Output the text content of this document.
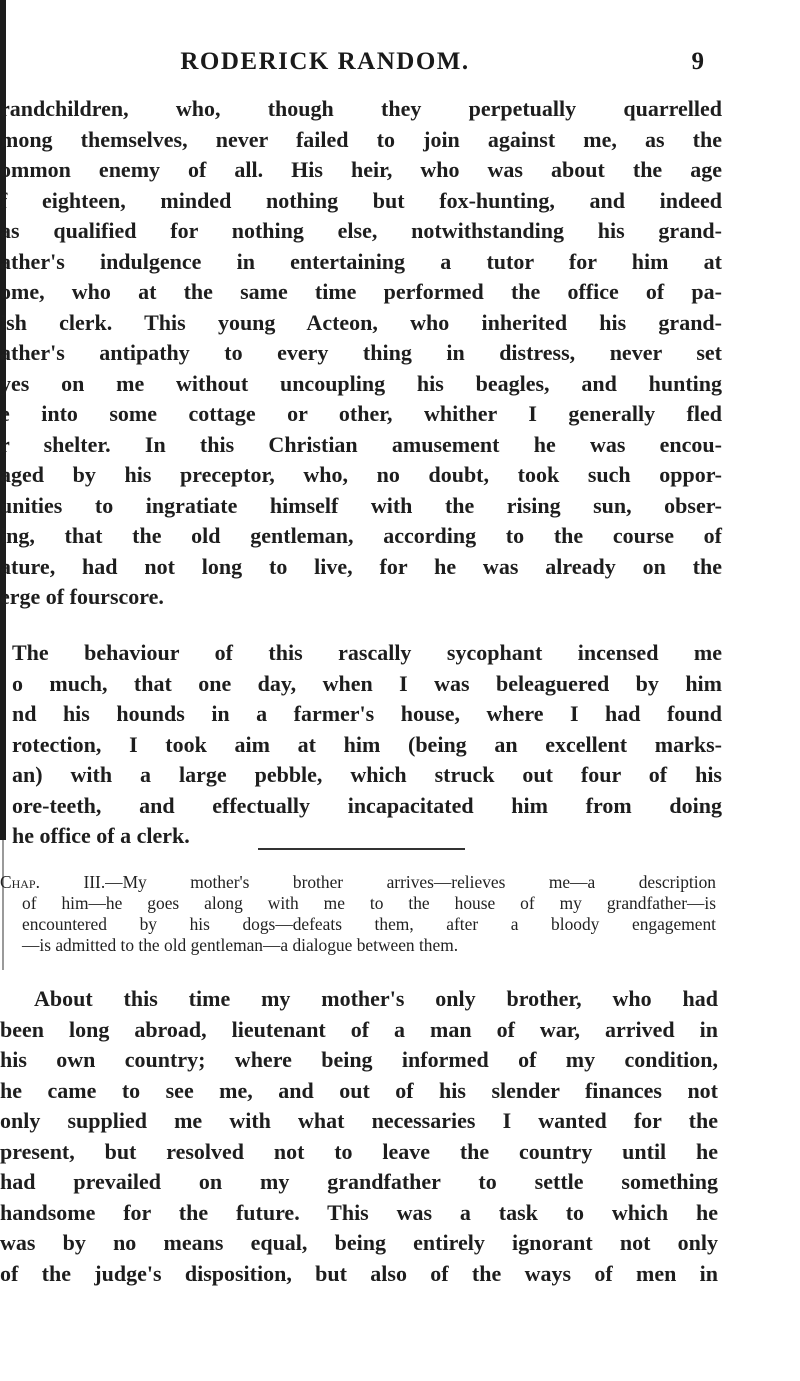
RODERICK RANDOM.	9
randchildren, who, though they perpetually quarrelled
mong themselves, never failed to join against me, as the
ommon enemy of all. His heir, who was about the age
f eighteen, minded nothing but fox-hunting, and indeed
as qualified for nothing else, notwithstanding his grand-
ather's indulgence in entertaining a tutor for him at
ome, who at the same time performed the office of pa-
ish clerk. This young Acteon, who inherited his grand-
ather's antipathy to every thing in distress, never set
yes on me without uncoupling his beagles, and hunting
e into some cottage or other, whither I generally fled
r shelter. In this Christian amusement he was encou-
aged by his preceptor, who, no doubt, took such oppor-
unities to ingratiate himself with the rising sun, obser-
ing, that the old gentleman, according to the course of
ature, had not long to live, for he was already on the
erge of fourscore.
The behaviour of this rascally sycophant incensed me
o much, that one day, when I was beleaguered by him
nd his hounds in a farmer's house, where I had found
rotection, I took aim at him (being an excellent marks-
an) with a large pebble, which struck out four of his
ore-teeth, and effectually incapacitated him from doing
he office of a clerk.
Chap. III.—My mother's brother arrives—relieves me—a description
of him—he goes along with me to the house of my grandfather—is
encountered by his dogs—defeats them, after a bloody engagement
—is admitted to the old gentleman—a dialogue between them.
About this time my mother's only brother, who had
been long abroad, lieutenant of a man of war, arrived in
his own country; where being informed of my condition,
he came to see me, and out of his slender finances not
only supplied me with what necessaries I wanted for the
present, but resolved not to leave the country until he
had prevailed on my grandfather to settle something
handsome for the future. This was a task to which he
was by no means equal, being entirely ignorant not only
of the judge's disposition, but also of the ways of men in
